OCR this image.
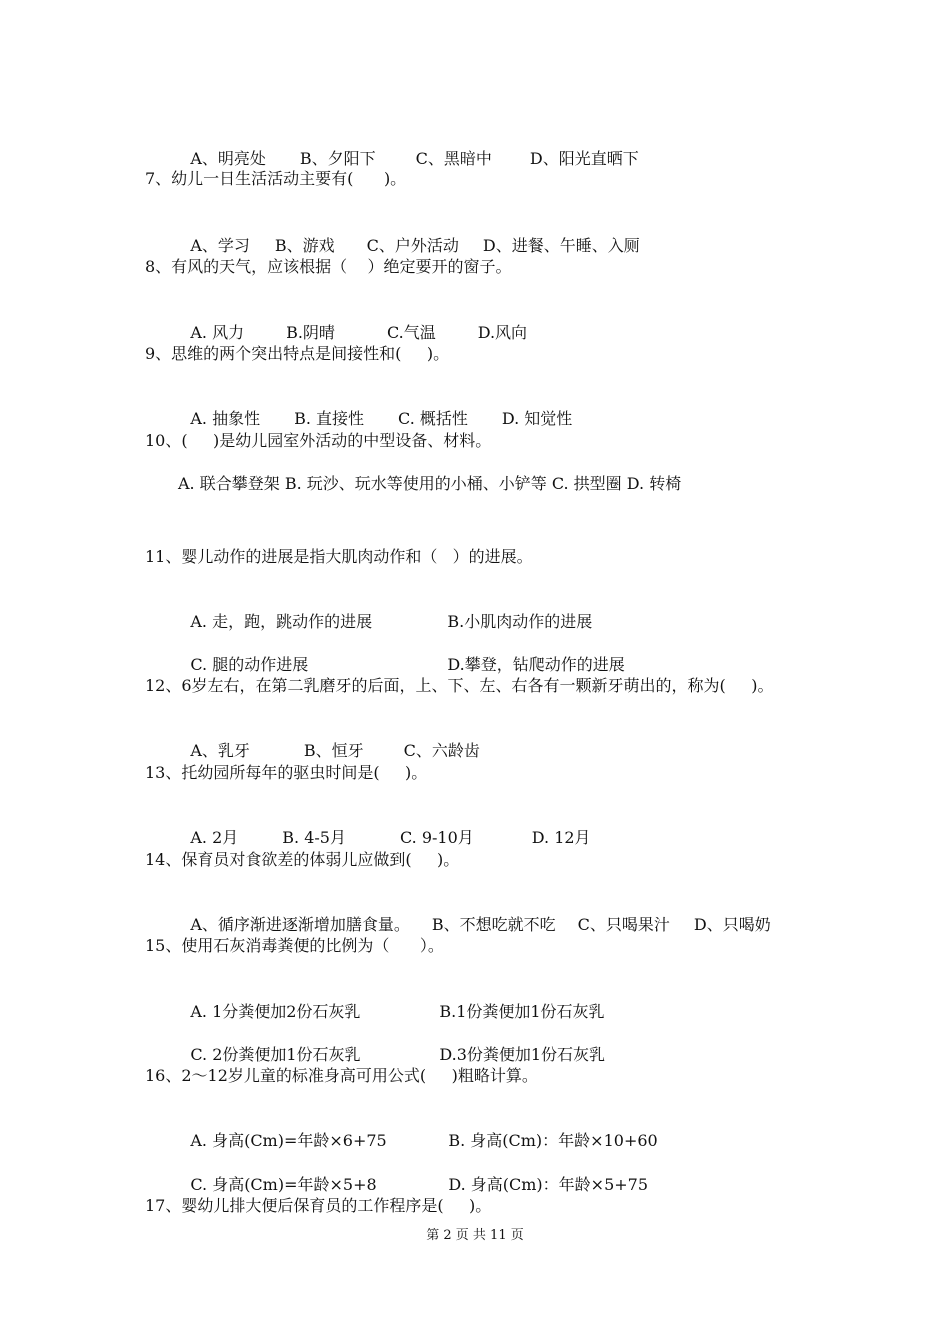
A、明亮处 B、夕阳下	C、黑暗中 D、阳光直晒下

7、幼儿一日生活活动主要有(      )。

A、学习 B、游戏 C、户外活动 D、进餐、午睡、入厕

8、有风的天气，应该根据（    ）绝定要开的窗子。

A. 风力	B.阴晴	C.气温	D.风向

9、思维的两个突出特点是间接性和(     )。

A. 抽象性 B. 直接性 C. 概括性 D. 知觉性

10、(     )是幼儿园室外活动的中型设备、材料。
A. 联合攀登架 B. 玩沙、玩水等使用的小桶、小铲等 C. 拱型圈 D. 转椅
11、婴儿动作的进展是指大肌肉动作和（   ）的进展。

A. 走，跑，跳动作的进展	B.小肌肉动作的进展

C. 腿的动作进展	D.攀登，钻爬动作的进展

12、6岁左右，在第二乳磨牙的后面，上、下、左、右各有一颗新牙萌出的，称为(     )。

A、乳牙	B、恒牙	C、六龄齿

13、托幼园所每年的驱虫时间是(     )。

A. 2月	B. 4-5月	C. 9-10月	D. 12月

14、保育员对食欲差的体弱儿应做到(     )。

A、循序渐进逐渐增加膳食量。 B、不想吃就不吃 C、只喝果汁 D、只喝奶

15、使用石灰消毒粪便的比例为（      ）。

A. 1分粪便加2份石灰乳	B.1份粪便加1份石灰乳

C. 2份粪便加1份石灰乳	D.3份粪便加1份石灰乳

16、2～12岁儿童的标准身高可用公式(     )粗略计算。

A. 身高(Cm)=年龄×6+75	B. 身高(Cm)：年龄×10+60

C. 身高(Cm)=年龄×5+8	D. 身高(Cm)：年龄×5+75

17、婴幼儿排大便后保育员的工作程序是(     )。
第 2 页 共 11 页
